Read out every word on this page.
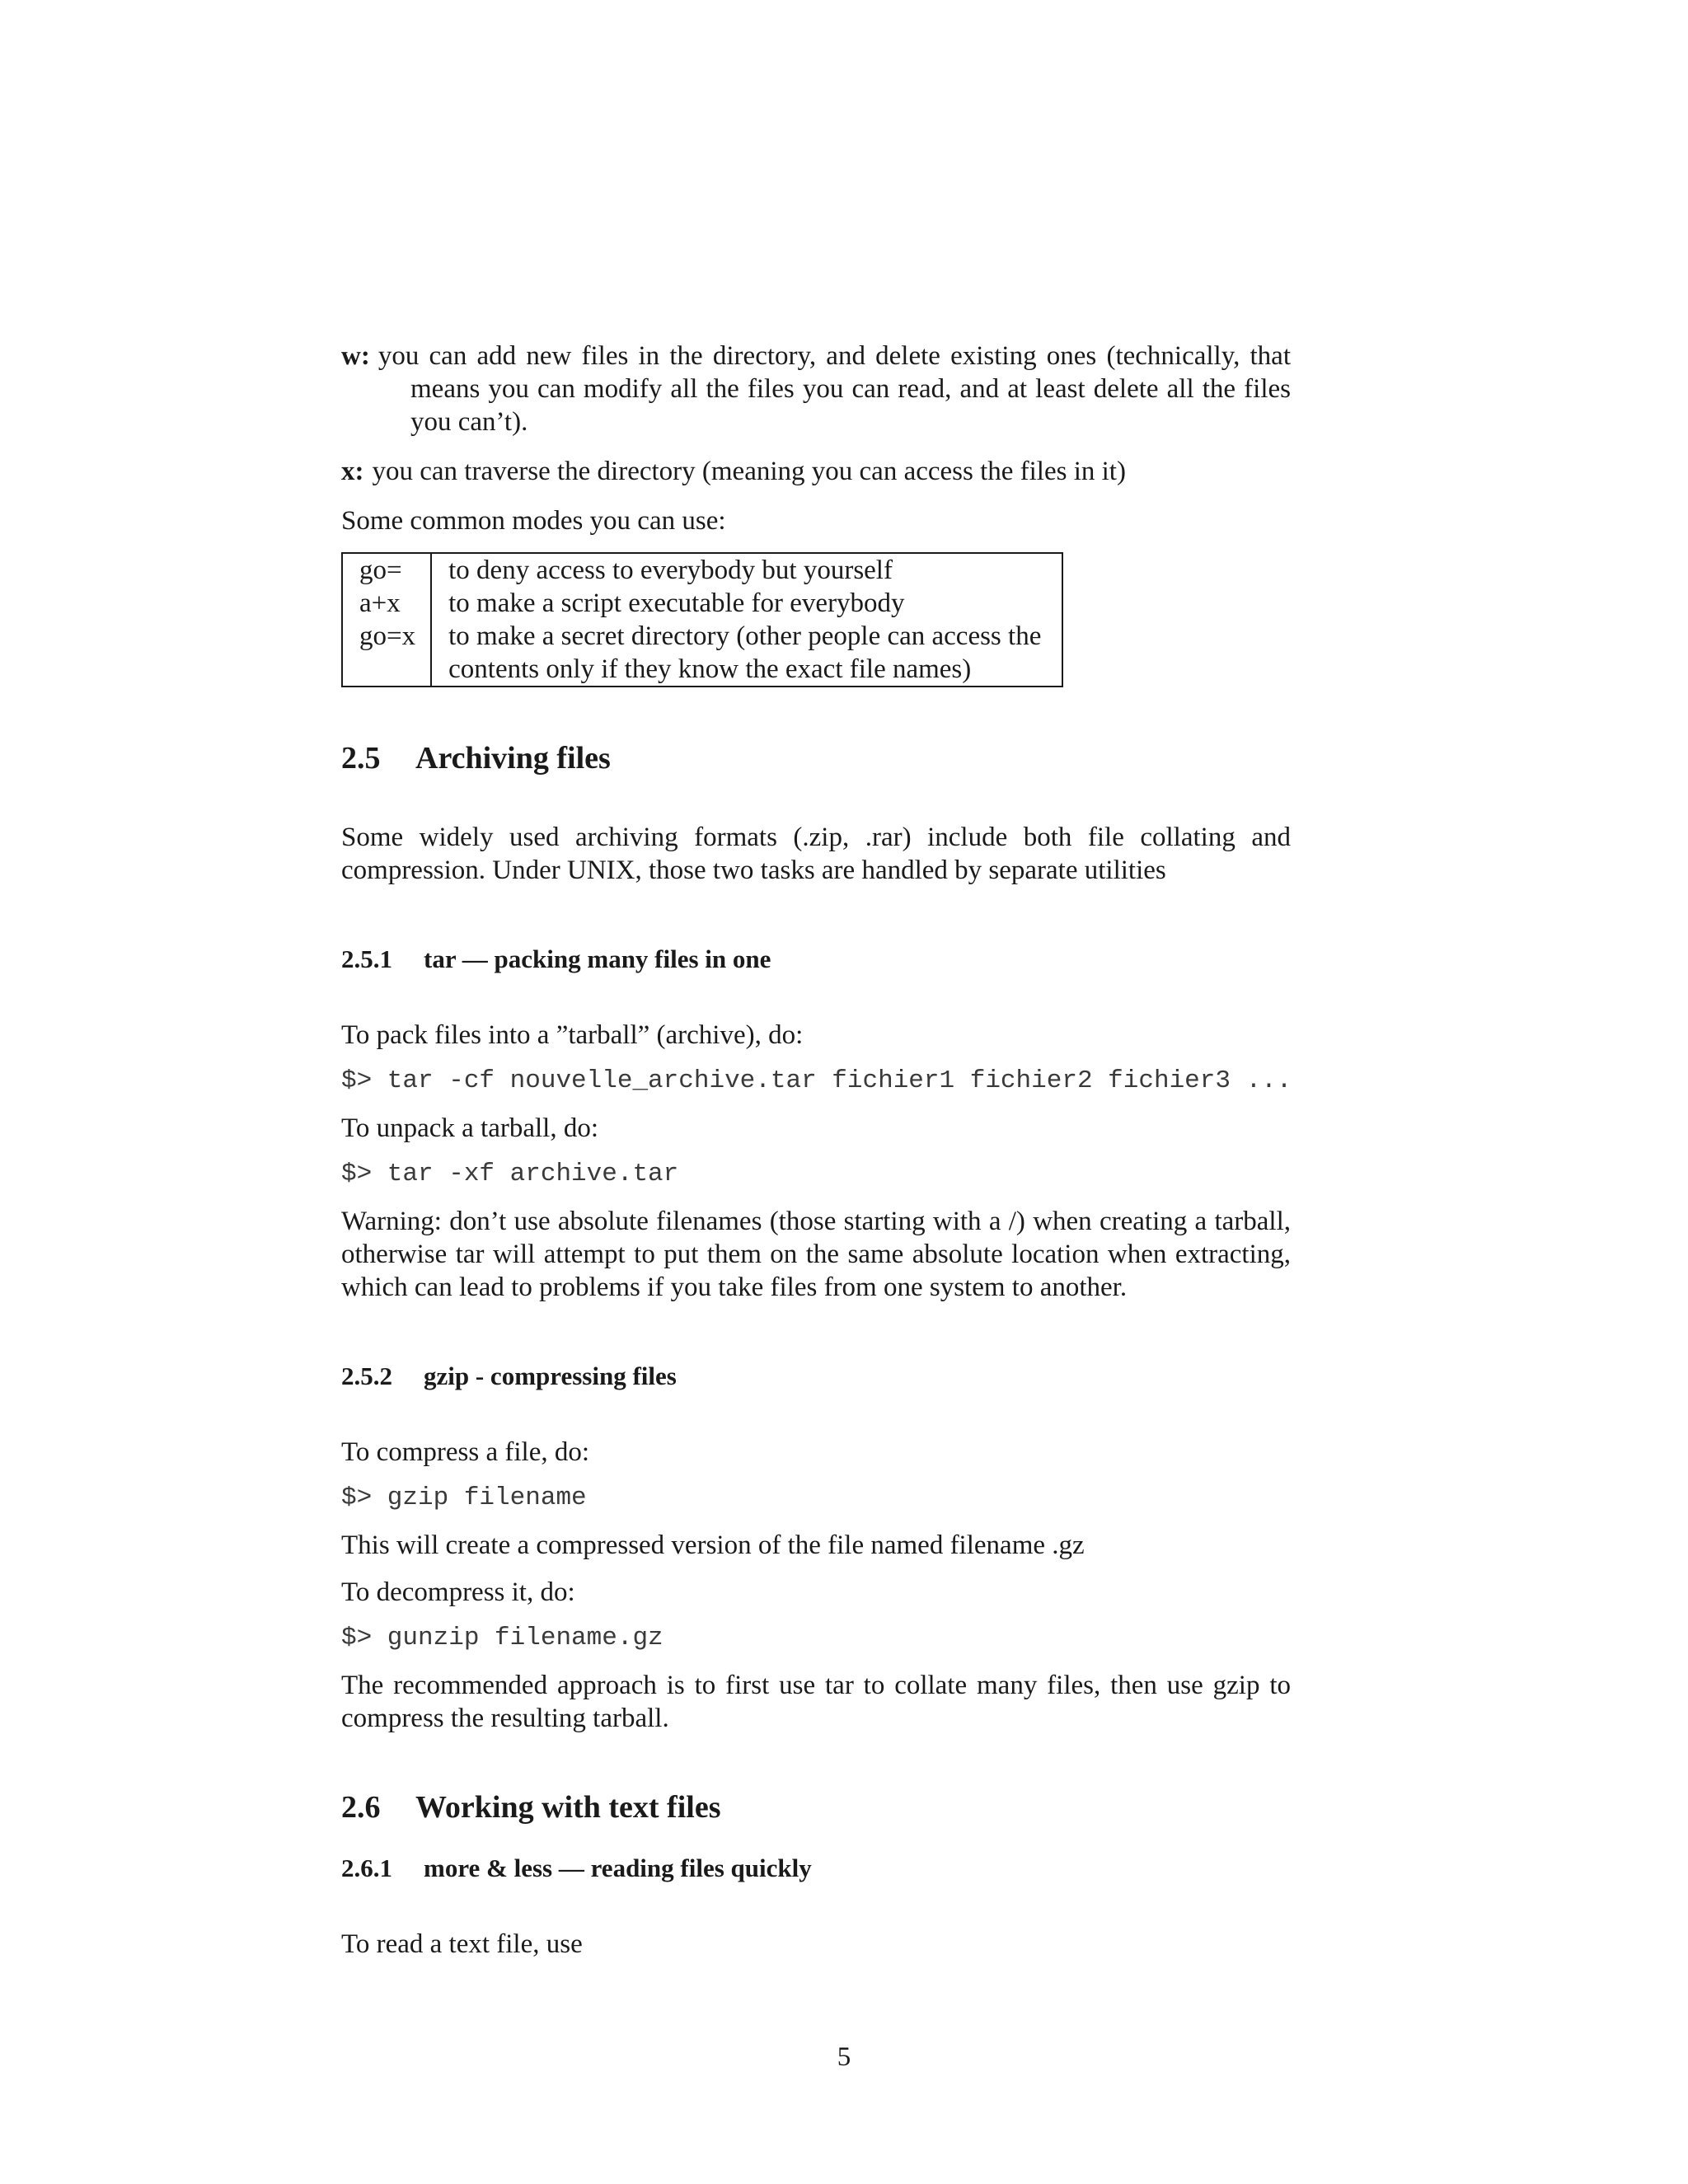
w: you can add new files in the directory, and delete existing ones (technically, that means you can modify all the files you can read, and at least delete all the files you can’t).

x: you can traverse the directory (meaning you can access the files in it)

Some common modes you can use:

go=	to deny access to everybody but yourself
a+x	to make a script executable for everybody
go=x	to make a secret directory (other people can access the contents only if they know the exact file names)
2.5 Archiving files

Some widely used archiving formats (.zip, .rar) include both file collating and compression. Under UNIX, those two tasks are handled by separate utilities

2.5.1 tar — packing many files in one

To pack files into a ”tarball” (archive), do:

$> tar -cf nouvelle_archive.tar fichier1 fichier2 fichier3 ...

To unpack a tarball, do:

$> tar -xf archive.tar

Warning: don’t use absolute filenames (those starting with a /) when creating a tarball, otherwise tar will attempt to put them on the same absolute location when extracting, which can lead to problems if you take files from one system to another.

2.5.2 gzip - compressing files

To compress a file, do:

$> gzip filename

This will create a compressed version of the file named filename .gz

To decompress it, do:

$> gunzip filename.gz

The recommended approach is to first use tar to collate many files, then use gzip to compress the resulting tarball.

2.6 Working with text files
2.6.1 more & less — reading files quickly

To read a text file, use

5
